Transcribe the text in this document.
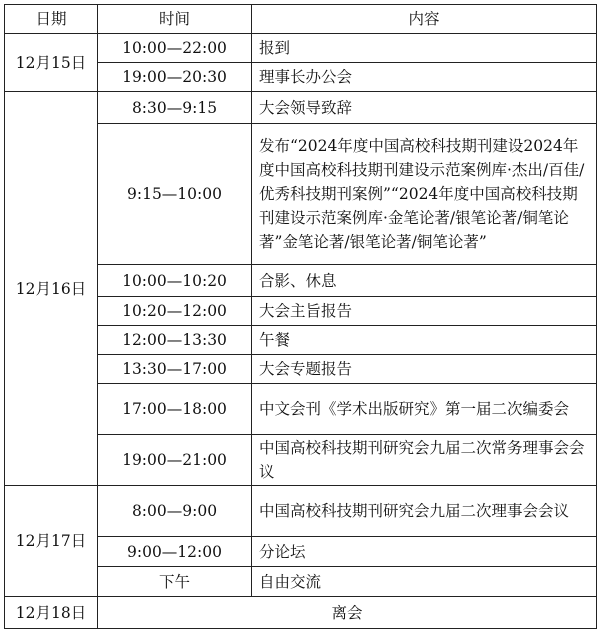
日期	时间	内容
12月15日	10:00—22:00	报到
	19:00—20:30	理事长办公会
12月16日	8:30—9:15	大会领导致辞
	9:15—10:00	发布“2024年度中国高校科技期刊建设2024年度中国高校科技期刊建设示范案例库·杰出/百佳/优秀科技期刊案例”“2024年度中国高校科技期刊建设示范案例库·金笔论著/银笔论著/铜笔论著”金笔论著/银笔论著/铜笔论著”
	10:00—10:20	合影、休息
	10:20—12:00	大会主旨报告
	12:00—13:30	午餐
	13:30—17:00	大会专题报告
	17:00—18:00	中文会刊《学术出版研究》第一届二次编委会
	19:00—21:00	中国高校科技期刊研究会九届二次常务理事会会议
12月17日	8:00—9:00	中国高校科技期刊研究会九届二次理事会会议
	9:00—12:00	分论坛
	下午	自由交流
12月18日	离会	
